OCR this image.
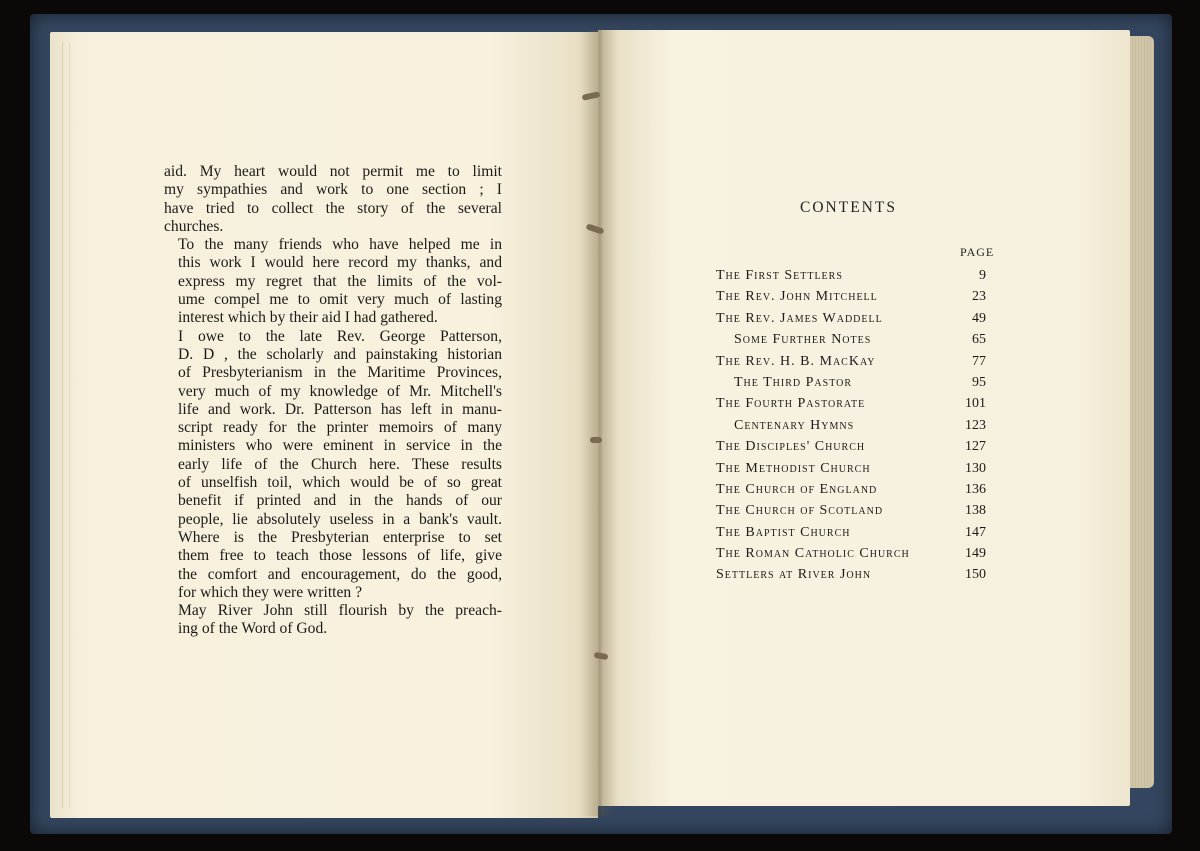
aid. My heart would not permit me to limit
my sympathies and work to one section ; I
have tried to collect the story of the several
churches.

To the many friends who have helped me in
this work I would here record my thanks, and
express my regret that the limits of the vol-
ume compel me to omit very much of lasting
interest which by their aid I had gathered.

I owe to the late Rev. George Patterson,
D. D , the scholarly and painstaking historian
of Presbyterianism in the Maritime Provinces,
very much of my knowledge of Mr. Mitchell's
life and work. Dr. Patterson has left in manu-
script ready for the printer memoirs of many
ministers who were eminent in service in the
early life of the Church here. These results
of unselfish toil, which would be of so great
benefit if printed and in the hands of our
people, lie absolutely useless in a bank's vault.
Where is the Presbyterian enterprise to set
them free to teach those lessons of life, give
the comfort and encouragement, do the good,
for which they were written ?

May River John still flourish by the preach-
ing of the Word of God.

CONTENTS
PAGE
The First Settlers	9
The Rev. John Mitchell	23
The Rev. James Waddell	49
Some Further Notes	65
The Rev. H. B. MacKay	77
The Third Pastor	95
The Fourth Pastorate	101
Centenary Hymns	123
The Disciples' Church	127
The Methodist Church	130
The Church of England	136
The Church of Scotland	138
The Baptist Church	147
The Roman Catholic Church	149
Settlers at River John	150
